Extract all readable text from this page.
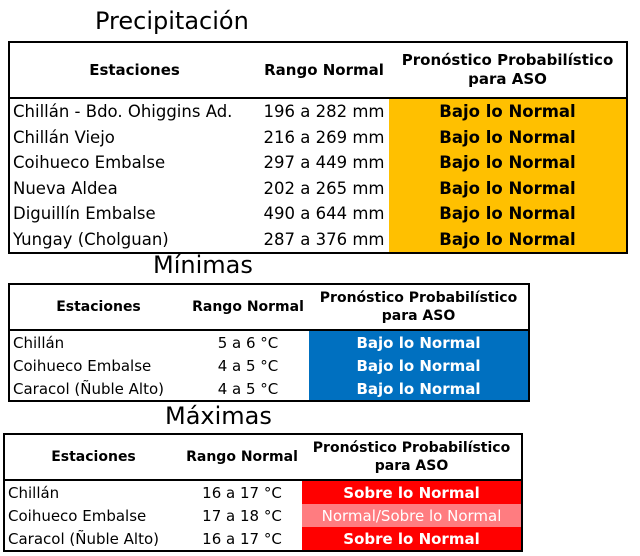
Precipitación
Estaciones	Rango Normal	Pronóstico Probabilístico
para ASO
Chillán - Bdo. Ohiggins Ad.	196 a 282 mm	Bajo lo Normal
Chillán Viejo	216 a 269 mm	Bajo lo Normal
Coihueco Embalse	297 a 449 mm	Bajo lo Normal
Nueva Aldea	202 a 265 mm	Bajo lo Normal
Diguillín Embalse	490 a 644 mm	Bajo lo Normal
Yungay (Cholguan)	287 a 376 mm	Bajo lo Normal
Mínimas
Estaciones	Rango Normal	Pronóstico Probabilístico
para ASO
Chillán	5 a 6 °C	Bajo lo Normal
Coihueco Embalse	4 a 5 °C	Bajo lo Normal
Caracol (Ñuble Alto)	4 a 5 °C	Bajo lo Normal
Máximas
Estaciones	Rango Normal	Pronóstico Probabilístico
para ASO
Chillán	16 a 17 °C	Sobre lo Normal
Coihueco Embalse	17 a 18 °C	Normal/Sobre lo Normal
Caracol (Ñuble Alto)	16 a 17 °C	Sobre lo Normal
